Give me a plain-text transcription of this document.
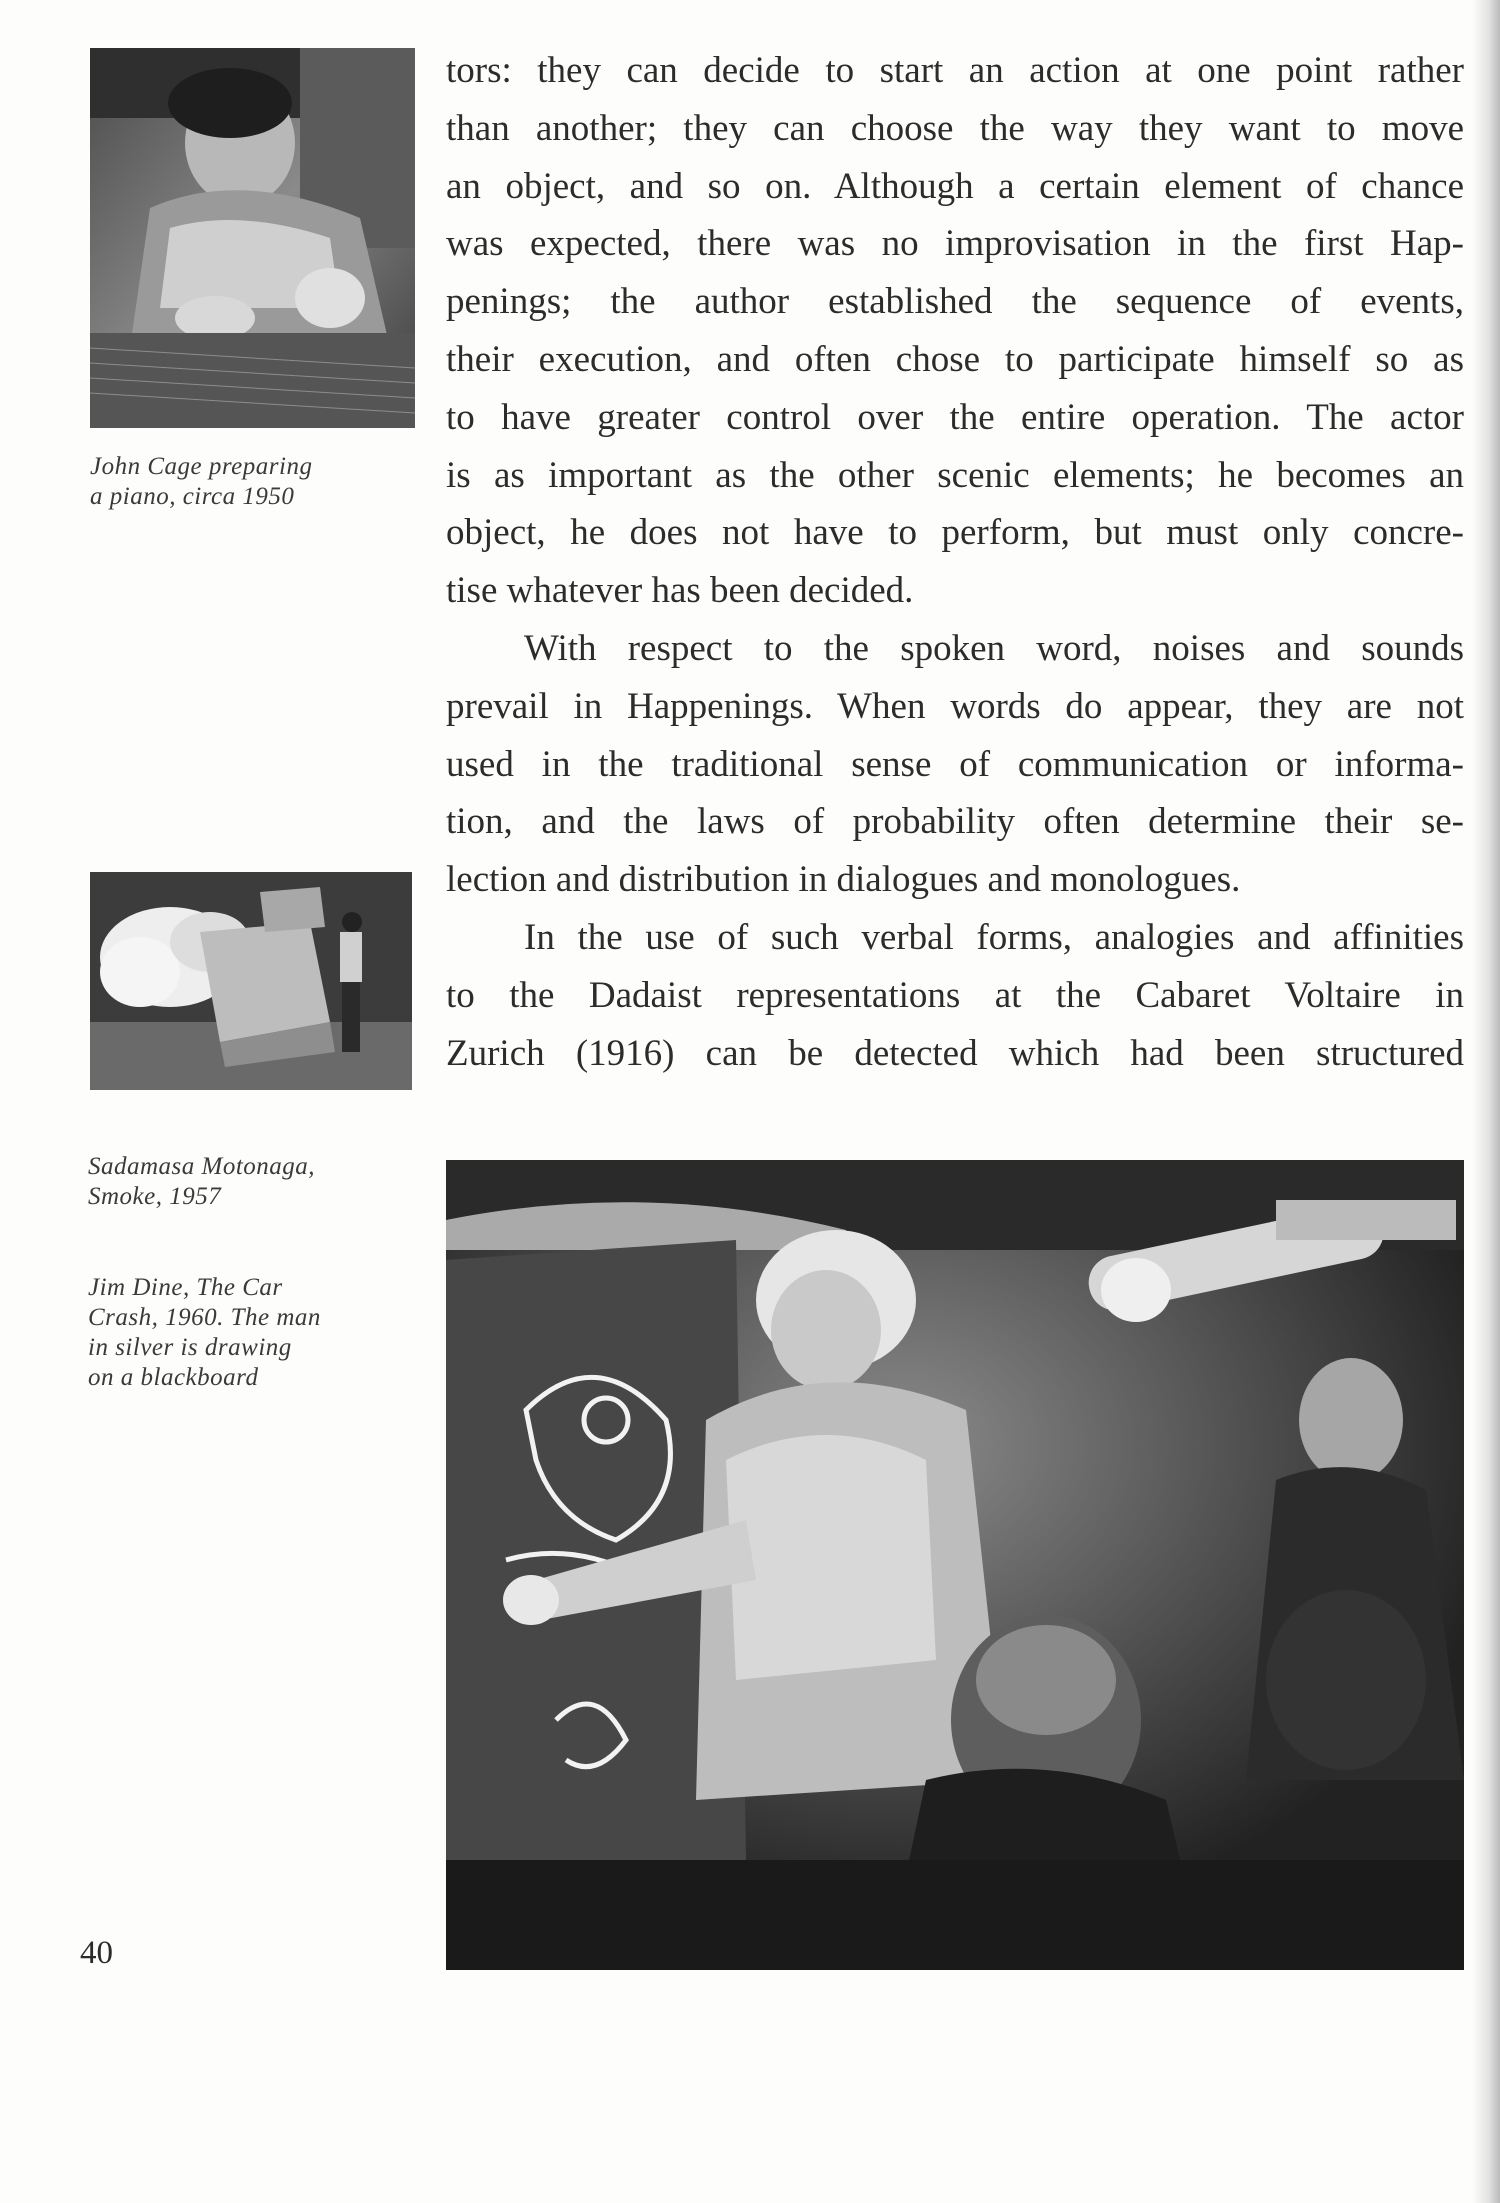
John Cage preparing
a piano, circa 1950
Sadamasa Motonaga,
Smoke, 1957
Jim Dine, The Car
Crash, 1960. The man
in silver is drawing
on a blackboard
tors: they can decide to start an action at one point rather
than another; they can choose the way they want to move
an object, and so on. Although a certain element of chance
was expected, there was no improvisation in the first Hap-
penings; the author established the sequence of events,
their execution, and often chose to participate himself so as
to have greater control over the entire operation. The actor
is as important as the other scenic elements; he becomes an
object, he does not have to perform, but must only concre-
tise whatever has been decided.
With respect to the spoken word, noises and sounds
prevail in Happenings. When words do appear, they are not
used in the traditional sense of communication or informa-
tion, and the laws of probability often determine their se-
lection and distribution in dialogues and monologues.
In the use of such verbal forms, analogies and affinities
to the Dadaist representations at the Cabaret Voltaire in
Zurich (1916) can be detected which had been structured
40
